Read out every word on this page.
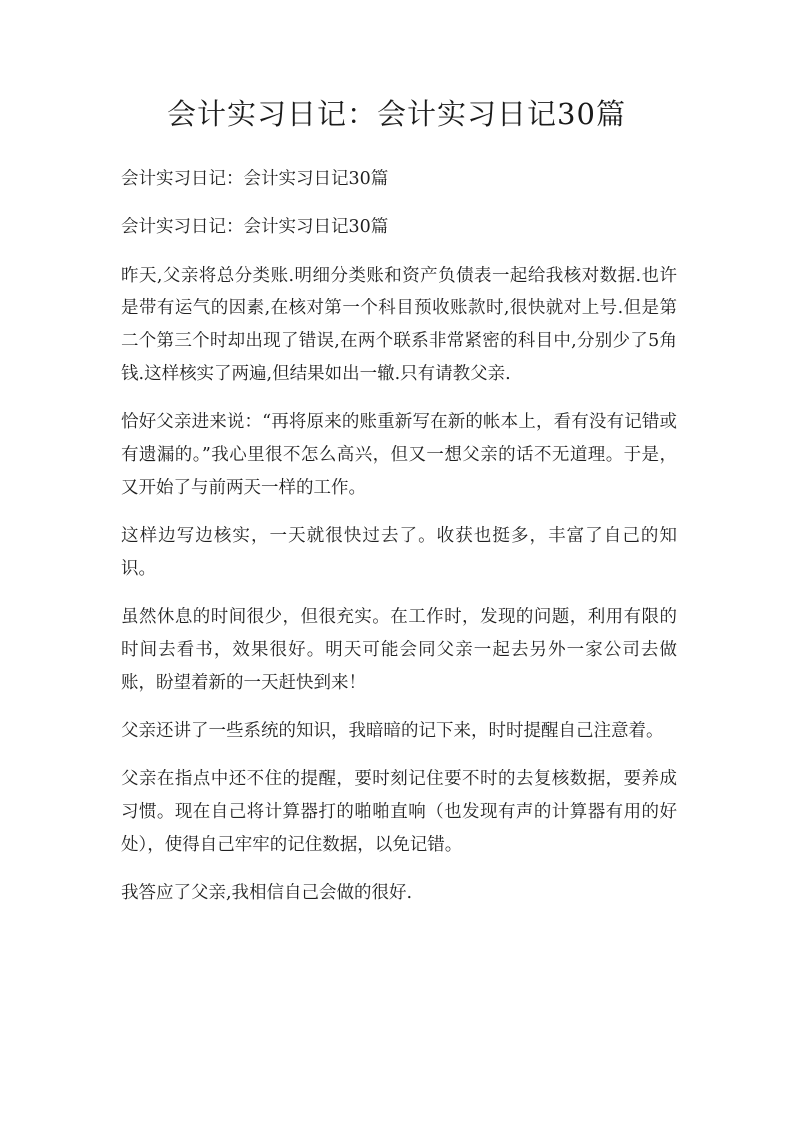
会计实习日记：会计实习日记30篇

会计实习日记：会计实习日记30篇

会计实习日记：会计实习日记30篇

昨天,父亲将总分类账.明细分类账和资产负债表一起给我核对数据.也许是带有运气的因素,在核对第一个科目预收账款时,很快就对上号.但是第二个第三个时却出现了错误,在两个联系非常紧密的科目中,分别少了5角钱.这样核实了两遍,但结果如出一辙.只有请教父亲.

恰好父亲进来说：“再将原来的账重新写在新的帐本上，看有没有记错或有遗漏的。”我心里很不怎么高兴，但又一想父亲的话不无道理。于是，又开始了与前两天一样的工作。

这样边写边核实，一天就很快过去了。收获也挺多，丰富了自己的知识。

虽然休息的时间很少，但很充实。在工作时，发现的问题，利用有限的时间去看书，效果很好。明天可能会同父亲一起去另外一家公司去做账，盼望着新的一天赶快到来！

父亲还讲了一些系统的知识，我暗暗的记下来，时时提醒自己注意着。

父亲在指点中还不住的提醒，要时刻记住要不时的去复核数据，要养成习惯。现在自己将计算器打的啪啪直响（也发现有声的计算器有用的好处），使得自己牢牢的记住数据，以免记错。

我答应了父亲,我相信自己会做的很好.
